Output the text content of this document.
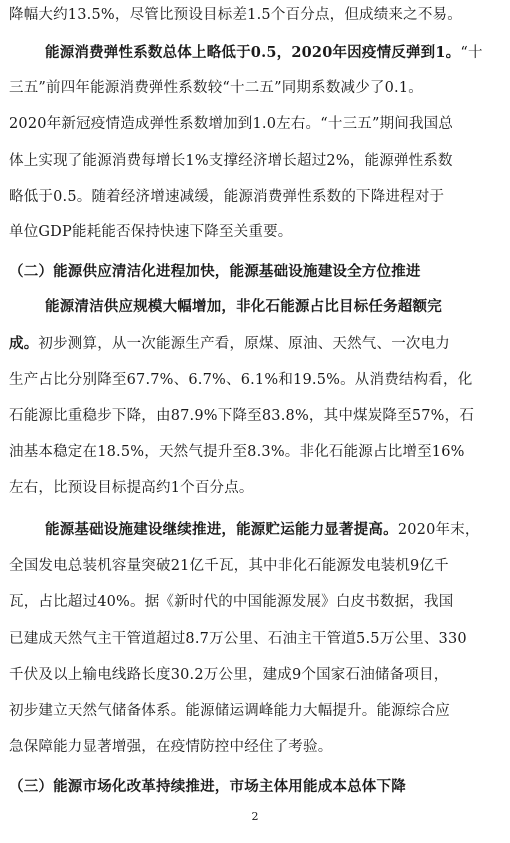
2
降幅大约13.5%，尽管比预设目标差1.5个百分点，但成绩来之不易。
能源消费弹性系数总体上略低于0.5，2020年因疫情反弹到1。“十
三五”前四年能源消费弹性系数较“十二五”同期系数减少了0.1。
2020年新冠疫情造成弹性系数增加到1.0左右。“十三五”期间我国总
体上实现了能源消费每增长1%支撑经济增长超过2%，能源弹性系数
略低于0.5。随着经济增速减缓，能源消费弹性系数的下降进程对于
单位GDP能耗能否保持快速下降至关重要。
（二）能源供应清洁化进程加快，能源基础设施建设全方位推进
能源清洁供应规模大幅增加，非化石能源占比目标任务超额完
成。初步测算，从一次能源生产看，原煤、原油、天然气、一次电力
生产占比分别降至67.7%、6.7%、6.1%和19.5%。从消费结构看，化
石能源比重稳步下降，由87.9%下降至83.8%，其中煤炭降至57%，石
油基本稳定在18.5%，天然气提升至8.3%。非化石能源占比增至16%
左右，比预设目标提高约1个百分点。
能源基础设施建设继续推进，能源贮运能力显著提高。2020年末，
全国发电总装机容量突破21亿千瓦，其中非化石能源发电装机9亿千
瓦，占比超过40%。据《新时代的中国能源发展》白皮书数据，我国
已建成天然气主干管道超过8.7万公里、石油主干管道5.5万公里、330
千伏及以上输电线路长度30.2万公里，建成9个国家石油储备项目，
初步建立天然气储备体系。能源储运调峰能力大幅提升。能源综合应
急保障能力显著增强，在疫情防控中经住了考验。
（三）能源市场化改革持续推进，市场主体用能成本总体下降
